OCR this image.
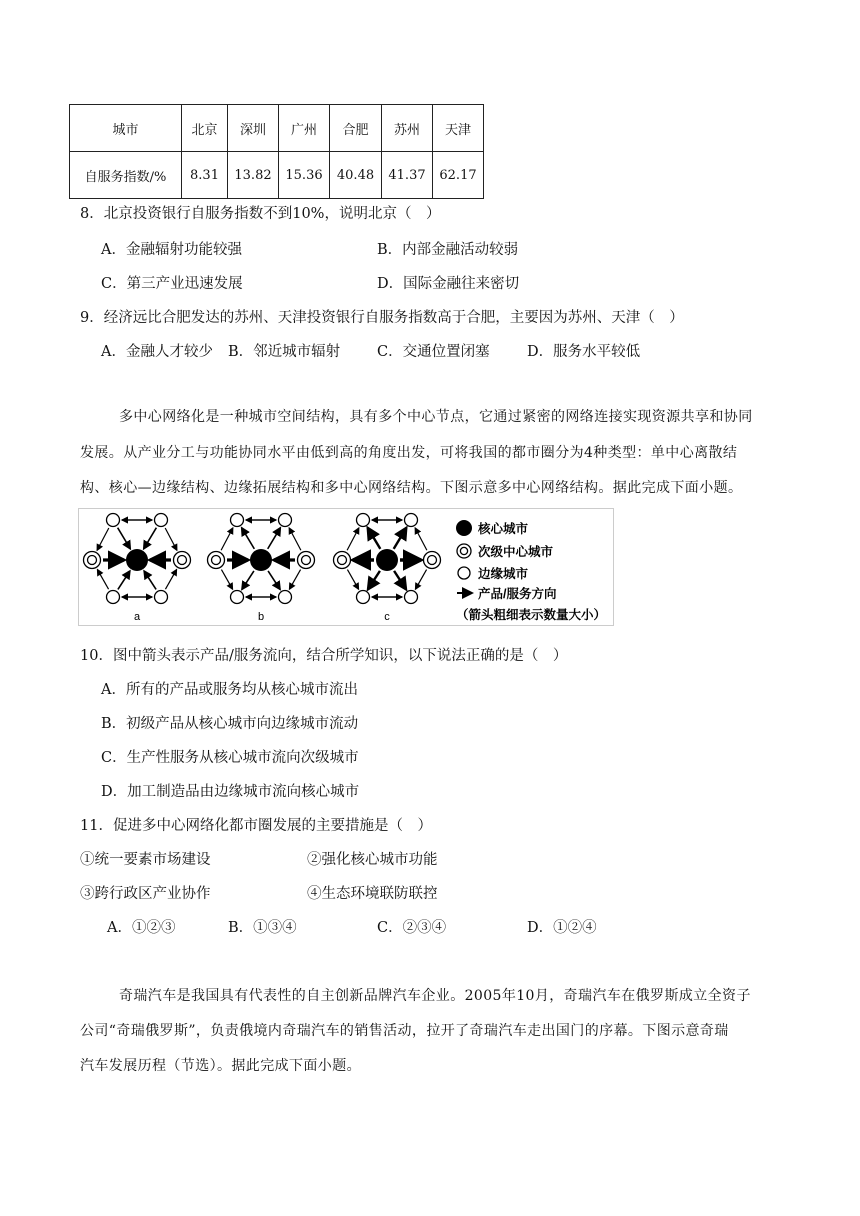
城市	北京	深圳	广州	合肥	苏州	天津
自服务指数/%	8.31	13.82	15.36	40.48	41.37	62.17
8．北京投资银行自服务指数不到10%，说明北京（　）
A．金融辐射功能较强	B．内部金融活动较弱
C．第三产业迅速发展	D．国际金融往来密切
9．经济远比合肥发达的苏州、天津投资银行自服务指数高于合肥，主要因为苏州、天津（　）
A．金融人才较少 B．邻近城市辐射	C．交通位置闭塞	D．服务水平较低
多中心网络化是一种城市空间结构，具有多个中心节点，它通过紧密的网络连接实现资源共享和协同
发展。从产业分工与功能协同水平由低到高的角度出发，可将我国的都市圈分为4种类型：单中心离散结
构、核心—边缘结构、边缘拓展结构和多中心网络结构。下图示意多中心网络结构。据此完成下面小题。
a	b	c
核心城市
次级中心城市
边缘城市
产品/服务方向
（箭头粗细表示数量大小）
10．图中箭头表示产品/服务流向，结合所学知识，以下说法正确的是（　）
A．所有的产品或服务均从核心城市流出
B．初级产品从核心城市向边缘城市流动
C．生产性服务从核心城市流向次级城市
D．加工制造品由边缘城市流向核心城市
11．促进多中心网络化都市圈发展的主要措施是（　）
①统一要素市场建设	②强化核心城市功能
③跨行政区产业协作	④生态环境联防联控
A．①②③	B．①③④	C．②③④	D．①②④
奇瑞汽车是我国具有代表性的自主创新品牌汽车企业。2005年10月，奇瑞汽车在俄罗斯成立全资子
公司“奇瑞俄罗斯”，负责俄境内奇瑞汽车的销售活动，拉开了奇瑞汽车走出国门的序幕。下图示意奇瑞
汽车发展历程（节选）。据此完成下面小题。
